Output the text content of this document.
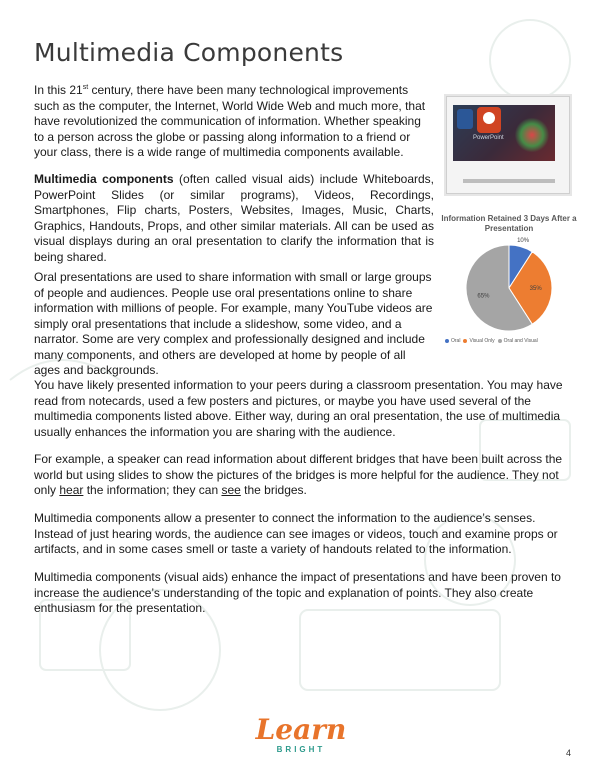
Multimedia Components

In this 21st century, there have been many technological improvements such as the computer, the Internet, World Wide Web and much more, that have revolutionized the communication of information. Whether speaking to a person across the globe or passing along information to a friend or your class, there is a wide range of multimedia components available.

Multimedia components (often called visual aids) include Whiteboards, PowerPoint Slides (or similar programs), Videos, Recordings, Smartphones, Flip charts, Posters, Websites, Images, Music, Charts, Graphics, Handouts, Props, and other similar materials. All can be used as visual displays during an oral presentation to clarify the information that is being shared.

Oral presentations are used to share information with small or large groups of people and audiences. People use oral presentations online to share information with millions of people. For example, many YouTube videos are simply oral presentations that include a slideshow, some video, and a narrator. Some are very complex and professionally designed and include many components, and others are developed at home by people of all ages and backgrounds.

You have likely presented information to your peers during a classroom presentation. You may have read from notecards, used a few posters and pictures, or maybe you have used several of the multimedia components listed above. Either way, during an oral presentation, the use of multimedia usually enhances the information you are sharing with the audience.

For example, a speaker can read information about different bridges that have been built across the world but using slides to show the pictures of the bridges is more helpful for the audience. They not only hear the information; they can see the bridges.

Multimedia components allow a presenter to connect the information to the audience’s senses. Instead of just hearing words, the audience can see images or videos, touch and examine props or artifacts, and in some cases smell or taste a variety of handouts related to the information.

Multimedia components (visual aids) enhance the impact of presentations and have been proven to increase the audience’s understanding of the topic and explanation of points. They also create enthusiasm for the presentation.

PowerPoint
Information Retained 3 Days After a Presentation
10%
35%
65%
Oral Visual Only Oral and Visual
Learn
BRIGHT	4
